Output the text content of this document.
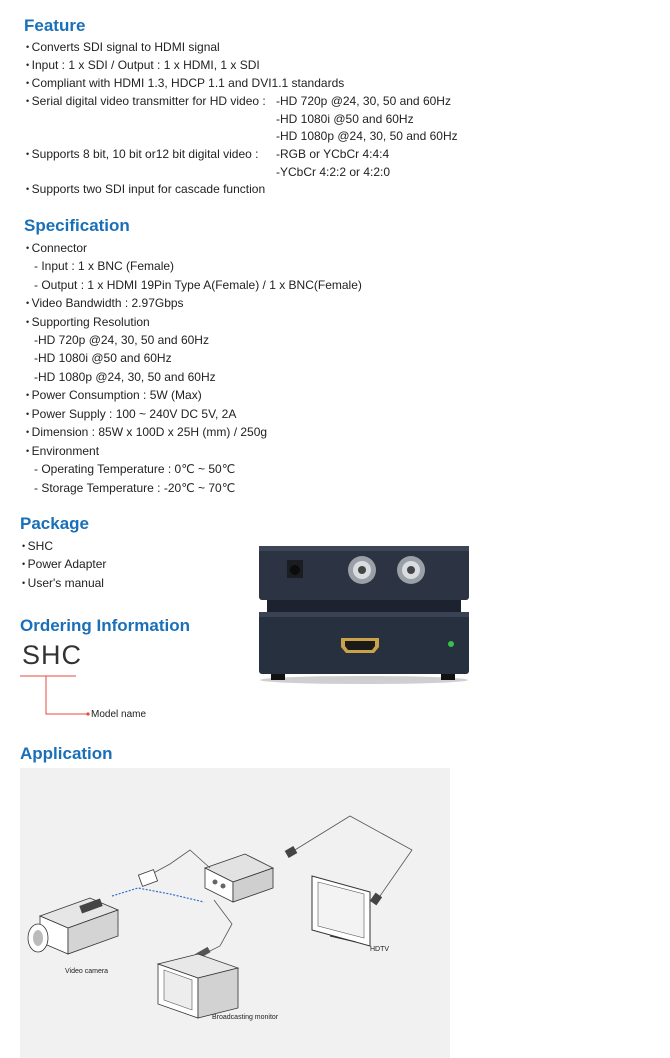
Feature
• Converts SDI signal to HDMI signal
• Input : 1 x SDI / Output : 1 x HDMI, 1 x SDI
• Compliant with HDMI 1.3, HDCP 1.1 and DVI1.1 standards
• Serial digital video transmitter for HD video : -HD 720p @24, 30, 50 and 60Hz
-HD 1080i @50 and 60Hz
-HD 1080p @24, 30, 50 and 60Hz
• Supports 8 bit, 10 bit or12 bit digital video : -RGB or YCbCr 4:4:4
-YCbCr 4:2:2 or 4:2:0
• Supports two SDI input for cascade function
Specification
• Connector
- Input : 1 x BNC (Female)
- Output : 1 x HDMI 19Pin Type A(Female) / 1 x BNC(Female)
• Video Bandwidth : 2.97Gbps
• Supporting Resolution
-HD 720p @24, 30, 50 and 60Hz
-HD 1080i @50 and 60Hz
-HD 1080p @24, 30, 50 and 60Hz
• Power Consumption : 5W (Max)
• Power Supply : 100 ~ 240V DC 5V, 2A
• Dimension : 85W x 100D x 25H (mm) / 250g
• Environment
- Operating Temperature : 0℃ ~ 50℃
- Storage Temperature : -20℃ ~ 70℃
Package
• SHC
• Power Adapter
• User's manual
Ordering Information
SHC
Model name
Application
Video camera
Broadcasting monitor
HDTV
